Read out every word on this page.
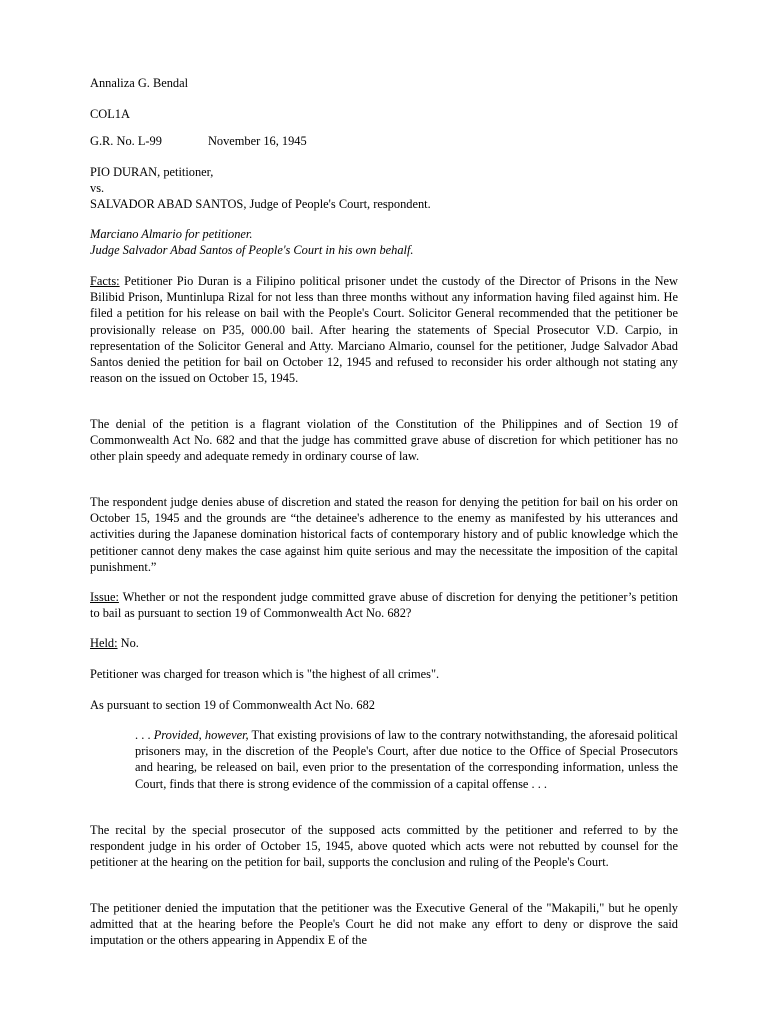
Annaliza G. Bendal
COL1A
G.R. No. L-99	November 16, 1945
PIO DURAN, petitioner,
vs.
SALVADOR ABAD SANTOS, Judge of People's Court, respondent.
Marciano Almario for petitioner.
Judge Salvador Abad Santos of People's Court in his own behalf.
Facts: Petitioner Pio Duran is a Filipino political prisoner undet the custody of the Director of Prisons in the New Bilibid Prison, Muntinlupa Rizal for not less than three months without any information having filed against him. He filed a petition for his release on bail with the People's Court. Solicitor General recommended that the petitioner be provisionally release on P35, 000.00 bail. After hearing the statements of Special Prosecutor V.D. Carpio, in representation of the Solicitor General and Atty. Marciano Almario, counsel for the petitioner, Judge Salvador Abad Santos denied the petition for bail on October 12, 1945 and refused to reconsider his order although not stating any reason on the issued on October 15, 1945.
The denial of the petition is a flagrant violation of the Constitution of the Philippines and of Section 19 of Commonwealth Act No. 682 and that the judge has committed grave abuse of discretion for which petitioner has no other plain speedy and adequate remedy in ordinary course of law.
The respondent judge denies abuse of discretion and stated the reason for denying the petition for bail on his order on October 15, 1945 and the grounds are “the detainee's adherence to the enemy as manifested by his utterances and activities during the Japanese domination historical facts of contemporary history and of public knowledge which the petitioner cannot deny makes the case against him quite serious and may the necessitate the imposition of the capital punishment.”
Issue: Whether or not the respondent judge committed grave abuse of discretion for denying the petitioner’s petition to bail as pursuant to section 19 of Commonwealth Act No. 682?
Held: No.
Petitioner was charged for treason which is "the highest of all crimes".
As pursuant to section 19 of Commonwealth Act No. 682
. . . Provided, however, That existing provisions of law to the contrary notwithstanding, the aforesaid political prisoners may, in the discretion of the People's Court, after due notice to the Office of Special Prosecutors and hearing, be released on bail, even prior to the presentation of the corresponding information, unless the Court, finds that there is strong evidence of the commission of a capital offense . . .
The recital by the special prosecutor of the supposed acts committed by the petitioner and referred to by the respondent judge in his order of October 15, 1945, above quoted which acts were not rebutted by counsel for the petitioner at the hearing on the petition for bail, supports the conclusion and ruling of the People's Court.
The petitioner denied the imputation that the petitioner was the Executive General of the "Makapili," but he openly admitted that at the hearing before the People's Court he did not make any effort to deny or disprove the said imputation or the others appearing in Appendix E of the
